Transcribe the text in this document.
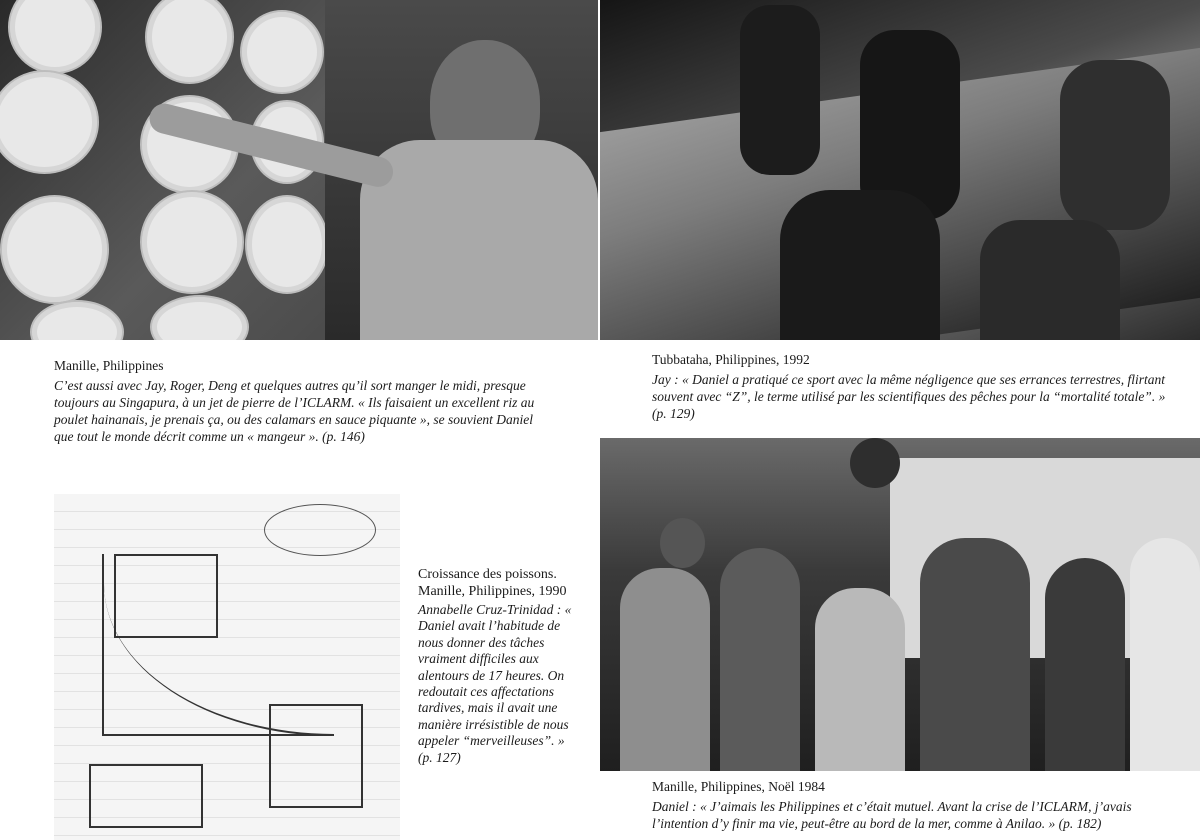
Manille, Philippines

C’est aussi avec Jay, Roger, Deng et quelques autres qu’il sort manger le midi, presque toujours au Singapura, à un jet de pierre de l’ICLARM. « Ils faisaient un excellent riz au poulet hainanais, je prenais ça, ou des calamars en sauce piquante », se souvient Daniel que tout le monde décrit comme un « mangeur ». (p. 146)

Tubbataha, Philippines, 1992

Jay : « Daniel a pratiqué ce sport avec la même négligence que ses errances terrestres, flirtant souvent avec “Z”, le terme utilisé par les scientifiques des pêches pour la “mortalité totale”. » (p. 129)

Croissance des poissons. Manille, Philippines, 1990

Annabelle Cruz-Trinidad : « Daniel avait l’habitude de nous donner des tâches vraiment difficiles aux alentours de 17 heures. On redoutait ces affectations tardives, mais il avait une manière irrésistible de nous appeler “merveilleuses”. » (p. 127)

Manille, Philippines, Noël 1984

Daniel : « J’aimais les Philippines et c’était mutuel. Avant la crise de l’ICLARM, j’avais l’intention d’y finir ma vie, peut-être au bord de la mer, comme à Anilao. » (p. 182)
